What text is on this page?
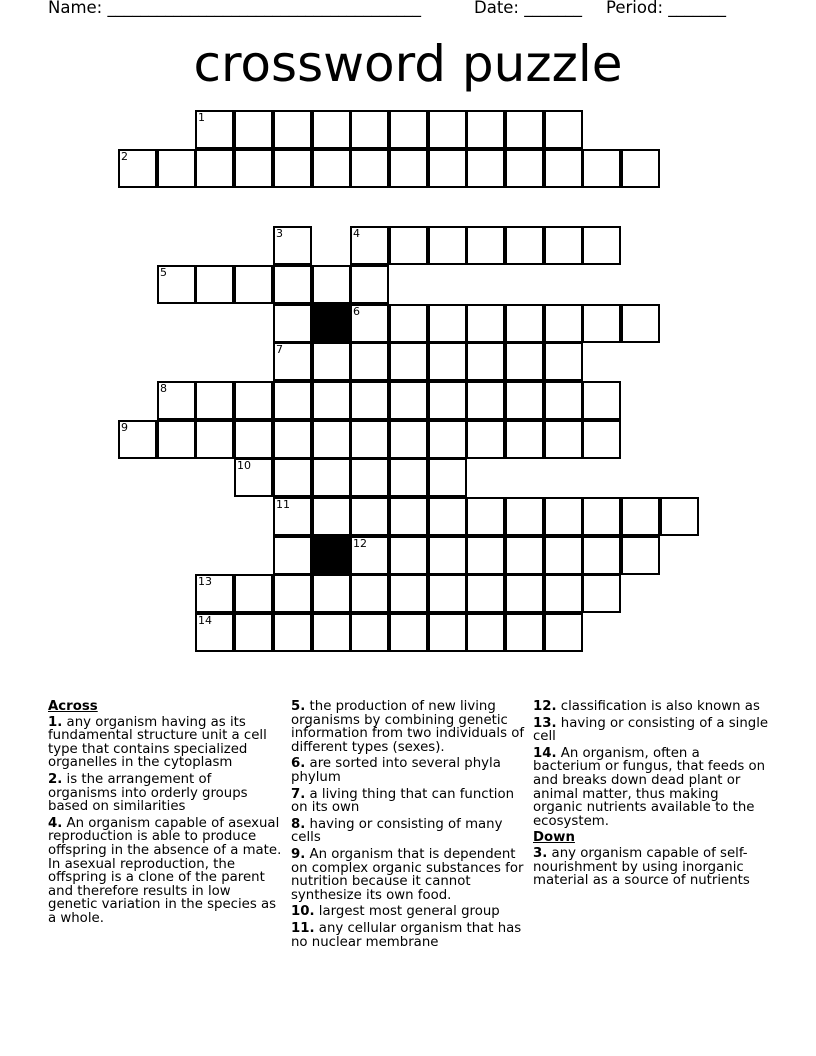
Name: ______________________________________	Date: _______ Period: _______
crossword puzzle
1
2
3	4
5
6
7
8
9
10
11
12
13
14
Across
1. any organism having as its fundamental structure unit a cell type that contains specialized organelles in the cytoplasm
2. is the arrangement of organisms into orderly groups based on similarities
4. An organism capable of asexual reproduction is able to produce offspring in the absence of a mate. In asexual reproduction, the offspring is a clone of the parent and therefore results in low genetic variation in the species as a whole.
5. the production of new living organisms by combining genetic information from two individuals of different types (sexes).
6. are sorted into several phyla phylum
7. a living thing that can function on its own
8. having or consisting of many cells
9. An organism that is dependent on complex organic substances for nutrition because it cannot synthesize its own food.
10. largest most general group
11. any cellular organism that has no nuclear membrane
12. classification is also known as
13. having or consisting of a single cell
14. An organism, often a bacterium or fungus, that feeds on and breaks down dead plant or animal matter, thus making organic nutrients available to the ecosystem.
Down
3. any organism capable of self-nourishment by using inorganic material as a source of nutrients
